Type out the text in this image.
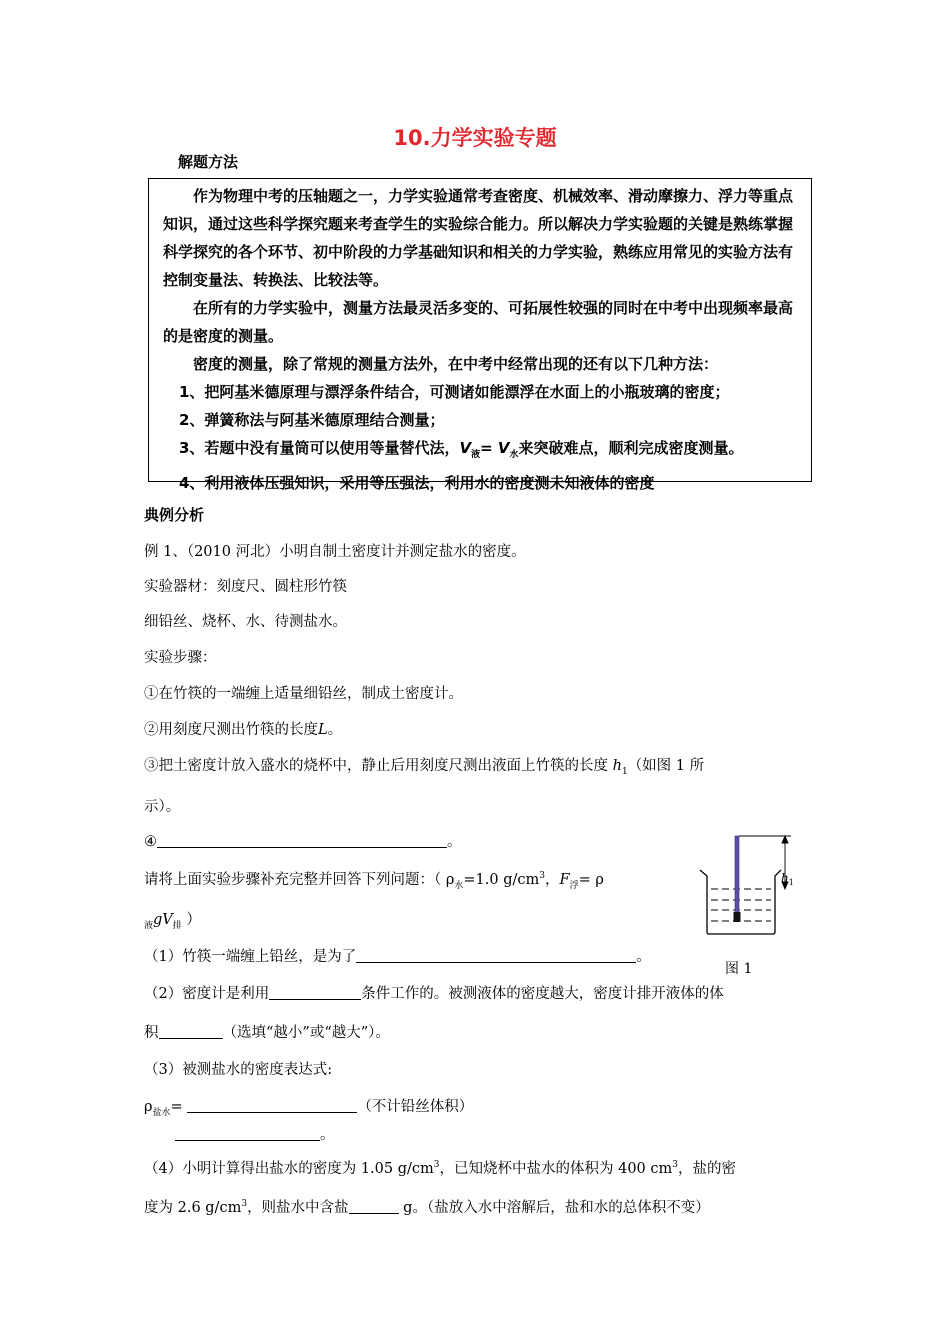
10.力学实验专题
解题方法

作为物理中考的压轴题之一，力学实验通常考查密度、机械效率、滑动摩擦力、浮力等重点知识，通过这些科学探究题来考查学生的实验综合能力。所以解决力学实验题的关键是熟练掌握科学探究的各个环节、初中阶段的力学基础知识和相关的力学实验，熟练应用常见的实验方法有控制变量法、转换法、比较法等。

在所有的力学实验中，测量方法最灵活多变的、可拓展性较强的同时在中考中出现频率最高的是密度的测量。

密度的测量，除了常规的测量方法外，在中考中经常出现的还有以下几种方法：

1、把阿基米德原理与漂浮条件结合，可测诸如能漂浮在水面上的小瓶玻璃的密度；

2、弹簧称法与阿基米德原理结合测量；

3、若题中没有量筒可以使用等量替代法，$V_液= V_水$来突破难点，顺利完成密度测量。

4、利用液体压强知识，采用等压强法，利用水的密度测未知液体的密度

典例分析
例 1、（2010 河北）小明自制土密度计并测定盐水的密度。
实验器材：刻度尺、圆柱形竹筷
细铅丝、烧杯、水、待测盐水。
实验步骤：
①在竹筷的一端缠上适量细铅丝，制成土密度计。
②用刻度尺测出竹筷的长度L。
③把土密度计放入盛水的烧杯中，静止后用刻度尺测出液面上竹筷的长度 $h_1$（如图 1 所
示）。
④	。
请将上面实验步骤补充完整并回答下列问题：（ $\rho_水=1.0$ $g/cm^3$，$F_浮= \rho$
$_液gV_排$ ）
（1）竹筷一端缠上铅丝，是为了	。
（2）密度计是利用	条件工作的。被测液体的密度越大，密度计排开液体的体
积	（选填“越小”或“越大”）。
（3）被测盐水的密度表达式:
$\rho_{盐水}=$	（不计铅丝体积）
。
（4）小明计算得出盐水的密度为 1.05 $g/cm^3$，已知烧杯中盐水的体积为 400 $cm^3$，盐的密
度为 2.6 $g/cm^3$，则盐水中含盐	g。（盐放入水中溶解后，盐和水的总体积不变）
$h_1$
图 1
